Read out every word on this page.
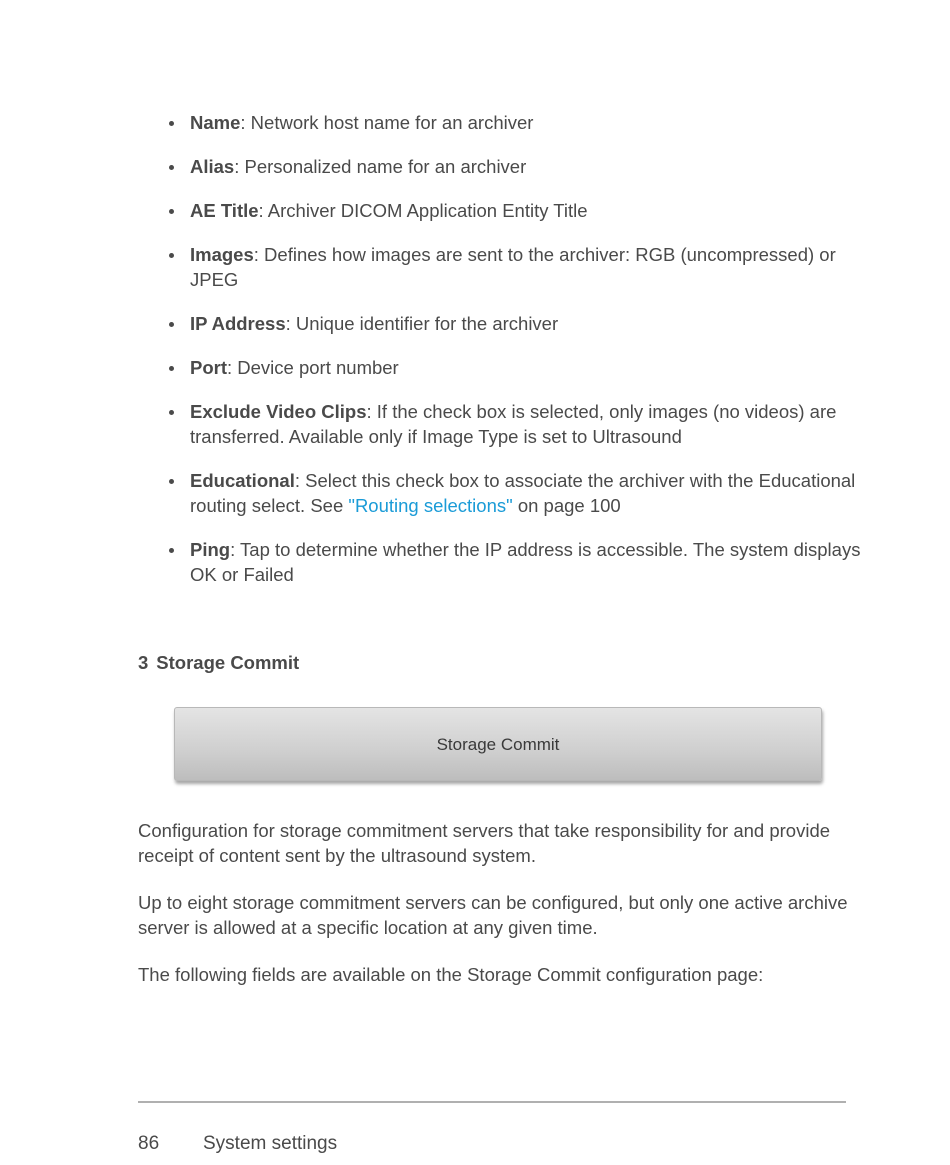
Name: Network host name for an archiver
Alias: Personalized name for an archiver
AE Title: Archiver DICOM Application Entity Title
Images: Defines how images are sent to the archiver: RGB (uncompressed) or JPEG
IP Address: Unique identifier for the archiver
Port: Device port number
Exclude Video Clips: If the check box is selected, only images (no videos) are transferred. Available only if Image Type is set to Ultrasound
Educational: Select this check box to associate the archiver with the Educational routing select. See "Routing selections" on page 100
Ping: Tap to determine whether the IP address is accessible. The system displays OK or Failed
3 Storage Commit
Storage Commit

Configuration for storage commitment servers that take responsibility for and provide receipt of content sent by the ultrasound system.

Up to eight storage commitment servers can be configured, but only one active archive server is allowed at a specific location at any given time.

The following fields are available on the Storage Commit configuration page:

86 System settings
